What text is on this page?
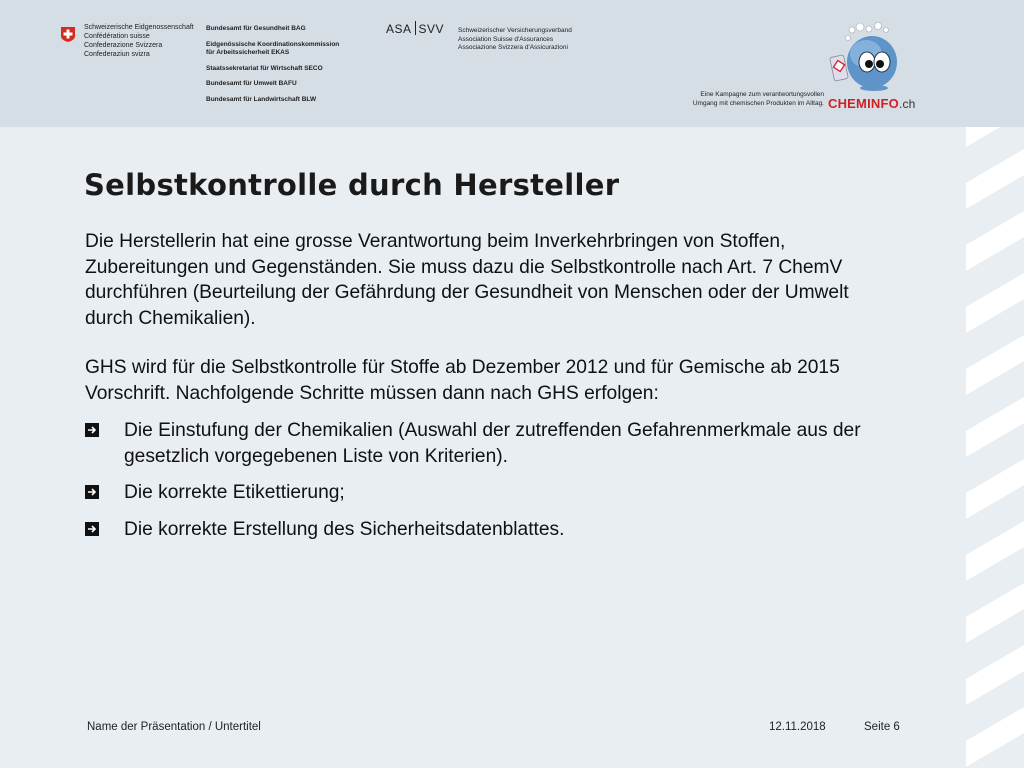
Schweizerische Eidgenossenschaft
Confédération suisse
Confederazione Svizzera
Confederaziun svizra
Bundesamt für Gesundheit BAG
Eidgenössische Koordinationskommission
für Arbeitssicherheit EKAS
Staatssekretariat für Wirtschaft SECO
Bundesamt für Umwelt BAFU
Bundesamt für Landwirtschaft BLW
ASA SVV Schweizerischer Versicherungsverband
Association Suisse d'Assurances
Associazione Svizzera d'Assicurazioni
Eine Kampagne zum verantwortungsvollen
Umgang mit chemischen Produkten im Alltag. CHEMINFO.ch
Selbstkontrolle durch Hersteller
Die Herstellerin hat eine grosse Verantwortung beim Inverkehrbringen von Stoffen, Zubereitungen und Gegenständen. Sie muss dazu die Selbstkontrolle nach Art. 7 ChemV durchführen (Beurteilung der Gefährdung der Gesundheit von Menschen oder der Umwelt durch Chemikalien).
GHS wird für die Selbstkontrolle für Stoffe ab Dezember 2012 und für Gemische ab 2015 Vorschrift. Nachfolgende Schritte müssen dann nach GHS erfolgen:
Die Einstufung der Chemikalien (Auswahl der zutreffenden Gefahrenmerkmale aus der gesetzlich vorgegebenen Liste von Kriterien).
Die korrekte Etikettierung;
Die korrekte Erstellung des Sicherheitsdatenblattes.
Name der Präsentation / Untertitel	12.11.2018	Seite 6
